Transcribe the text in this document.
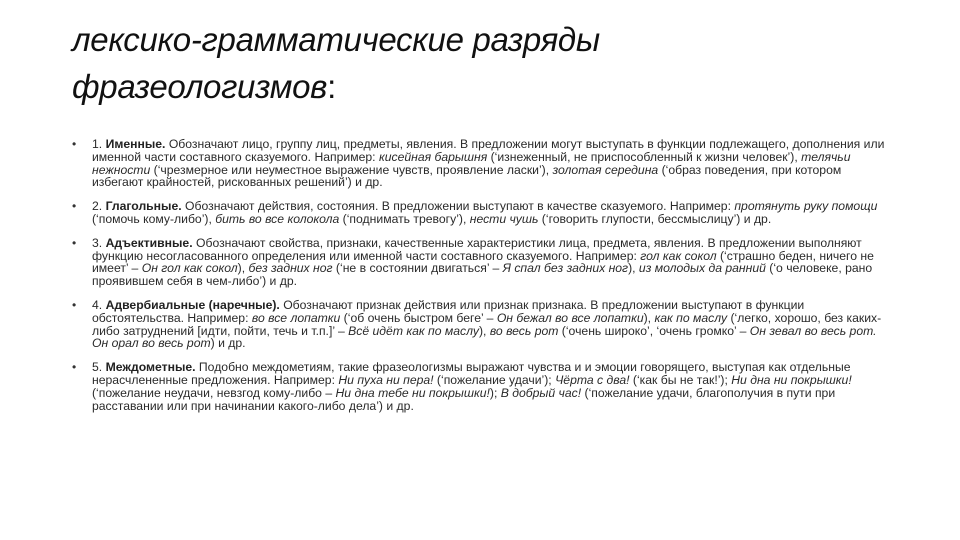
лексико-грамматические разряды
фразеологизмов:
• 1. Именные. Обозначают лицо, группу лиц, предметы, явления. В предложении могут выступать в функции подлежащего, дополнения или именной части составного сказуемого. Например: кисейная барышня (‘изнеженный, не приспособленный к жизни человек’), телячьи нежности (‘чрезмерное или неуместное выражение чувств, проявление ласки’), золотая середина (‘образ поведения, при котором избегают крайностей, рискованных решений’) и др.
• 2. Глагольные. Обозначают действия, состояния. В предложении выступают в качестве сказуемого. Например: протянуть руку помощи (‘помочь кому-либо’), бить во все колокола (‘поднимать тревогу’), нести чушь (‘говорить глупости, бессмыслицу’) и др.
• 3. Адъективные. Обозначают свойства, признаки, качественные характеристики лица, предмета, явления. В предложении выполняют функцию несогласованного определения или именной части составного сказуемого. Например: гол как сокол (‘страшно беден, ничего не имеет’ – Он гол как сокол), без задних ног (‘не в состоянии двигаться’ – Я спал без задних ног), из молодых да ранний (‘о человеке, рано проявившем себя в чем-либо’) и др.
• 4. Адвербиальные (наречные). Обозначают признак действия или признак признака. В предложении выступают в функции обстоятельства. Например: во все лопатки (‘об очень быстром беге’ – Он бежал во все лопатки), как по маслу (‘легко, хорошо, без каких-либо затруднений [идти, пойти, течь и т.п.]’ – Всё идёт как по маслу), во весь рот (‘очень широко’, ‘очень громко’ – Он зевал во весь рот. Он орал во весь рот) и др.
• 5. Междометные. Подобно междометиям, такие фразеологизмы выражают чувства и и эмоции говорящего, выступая как отдельные нерасчлененные предложения. Например: Ни пуха ни пера! (‘пожелание удачи’); Чёрта с два! (‘как бы не так!’); Ни дна ни покрышки! (‘пожелание неудачи, невзгод кому-либо – Ни дна тебе ни покрышки!); В добрый час! (‘пожелание удачи, благополучия в пути при расставании или при начинании какого-либо дела’) и др.
